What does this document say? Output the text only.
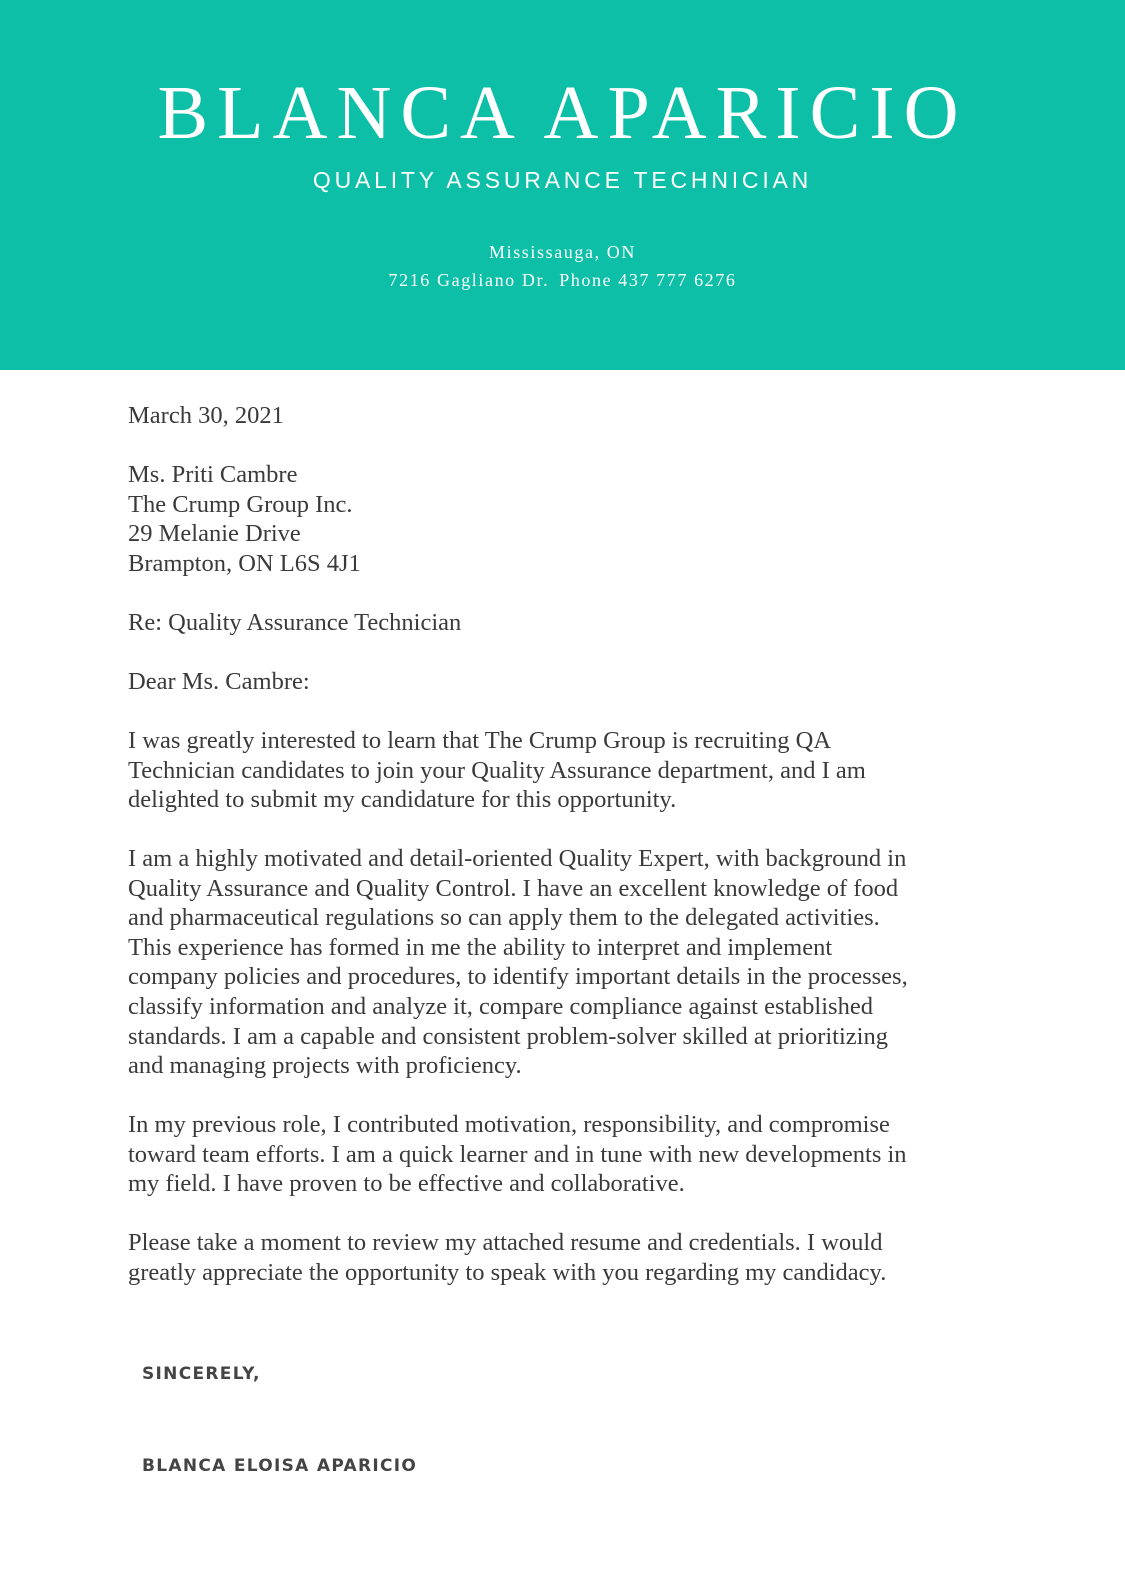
BLANCA APARICIO
QUALITY ASSURANCE TECHNICIAN
Mississauga, ON
7216 Gagliano Dr. Phone 437 777 6276
March 30, 2021
Ms. Priti Cambre
The Crump Group Inc.
29 Melanie Drive
Brampton, ON L6S 4J1
Re: Quality Assurance Technician
Dear Ms. Cambre:
I was greatly interested to learn that The Crump Group is recruiting QA
Technician candidates to join your Quality Assurance department, and I am
delighted to submit my candidature for this opportunity.
I am a highly motivated and detail-oriented Quality Expert, with background in
Quality Assurance and Quality Control. I have an excellent knowledge of food
and pharmaceutical regulations so can apply them to the delegated activities.
This experience has formed in me the ability to interpret and implement
company policies and procedures, to identify important details in the processes,
classify information and analyze it, compare compliance against established
standards. I am a capable and consistent problem-solver skilled at prioritizing
and managing projects with proficiency.
In my previous role, I contributed motivation, responsibility, and compromise
toward team efforts. I am a quick learner and in tune with new developments in
my field. I have proven to be effective and collaborative.
Please take a moment to review my attached resume and credentials. I would
greatly appreciate the opportunity to speak with you regarding my candidacy.
SINCERELY,
BLANCA ELOISA APARICIO
